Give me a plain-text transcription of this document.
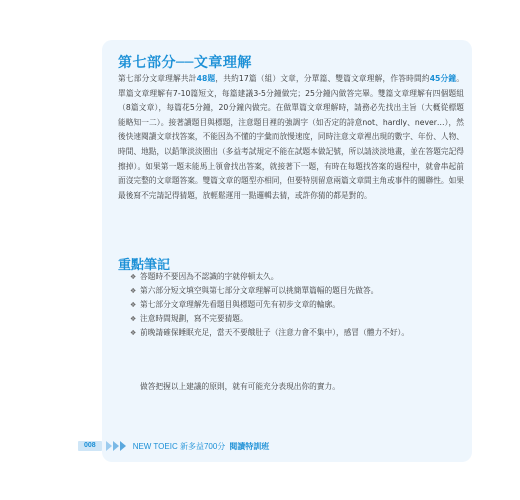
第七部分──文章理解

第七部分文章理解共計48題，共約17篇（組）文章，分單篇、雙篇文章理解，作答時間約45分鐘。單篇文章理解有7-10篇短文，每篇建議3-5分鐘做完；25分鐘內做答完畢。雙篇文章理解有四個題組（8篇文章），每篇花5分鐘，20分鐘內做完。在做單篇文章理解時，請務必先找出主旨（大概從標題能略知一二）。接著讀題目與標題，注意題目裡的強調字（如否定的詩意not、hardly、never…），然後快速閱讀文章找答案，不能因為不懂的字彙而放慢速度，同時注意文章裡出現的數字、年份、人物、時間、地點，以鉛筆淡淡圈出（多益考試規定不能在試題本做記號，所以請淡淡地畫，並在答題完記得擦掉）。如果第一題未能馬上領會找出答案，就接著下一題，有時在每題找答案的過程中，就會串起前面沒完整的文章題答案。雙篇文章的題型亦相同，但要特別留意兩篇文章間主角或事件的關聯性。如果最後寫不完請記得猜題，放輕鬆運用一點邏輯去猜，或許你猜的都是對的。

重點筆記
❖ 答題時不要因為不認識的字就停頓太久。
❖ 第六部分短文填空與第七部分文章理解可以挑簡單篇幅的題目先做答。
❖ 第七部分文章理解先看題目與標題可先有初步文章的輪廓。
❖ 注意時間規劃，寫不完要猜題。
❖ 前晚請確保睡眠充足，當天不要餓肚子（注意力會不集中），感冒（體力不好）。
做答把握以上建議的原則，就有可能充分表現出你的實力。
008	NEW TOEIC 新多益700分 閱讀特訓班
